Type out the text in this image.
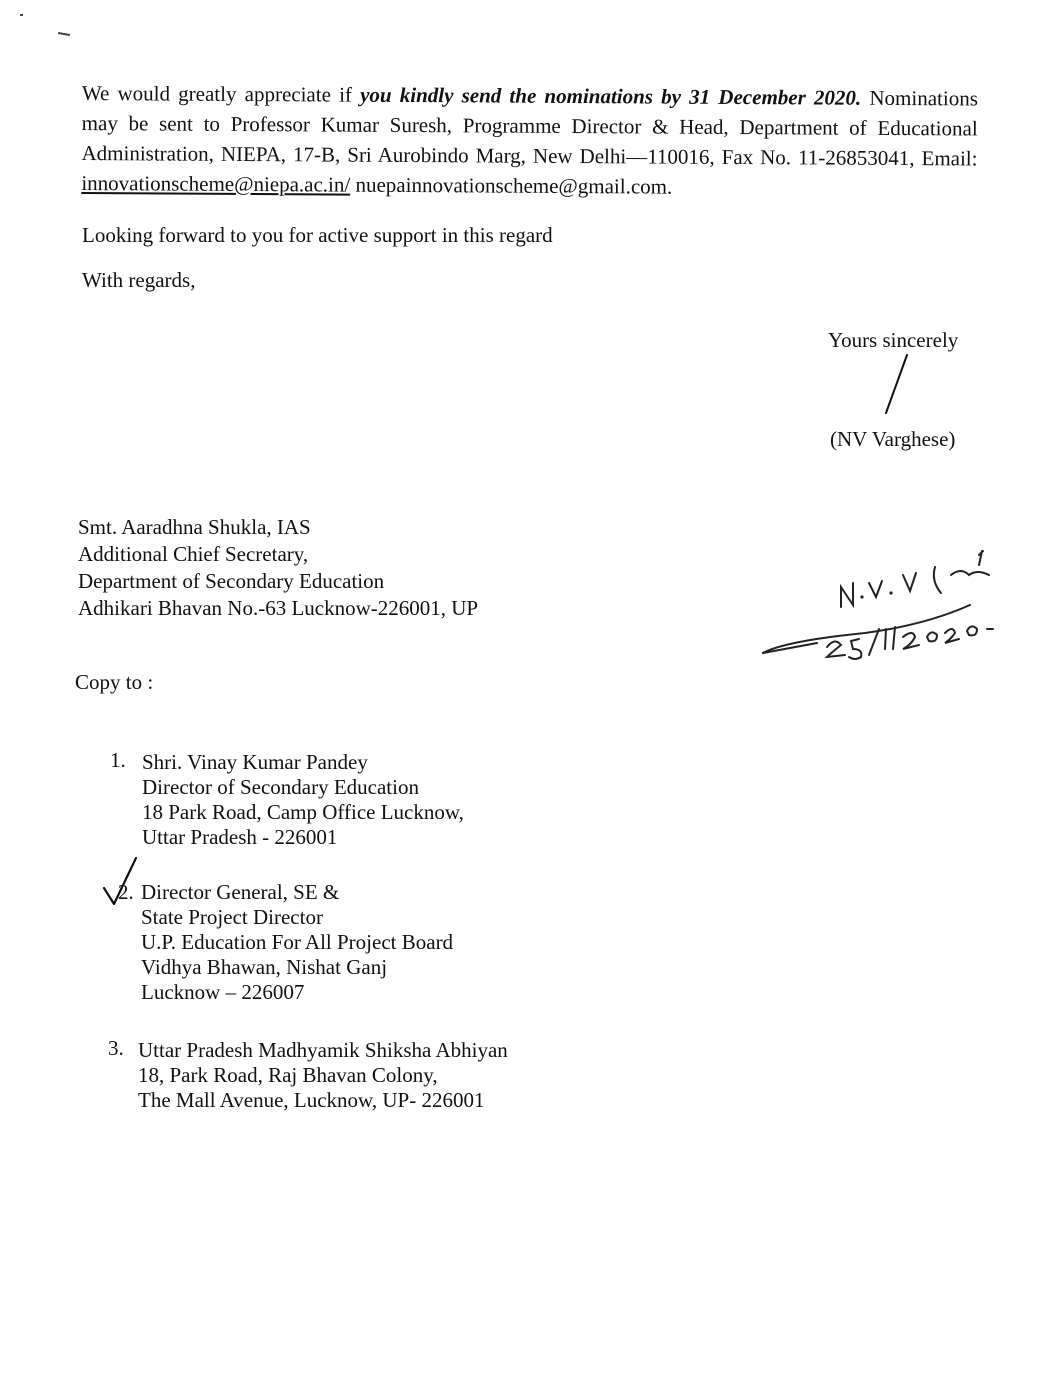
We would greatly appreciate if you kindly send the nominations by 31 December 2020. Nominations may be sent to Professor Kumar Suresh, Programme Director & Head, Department of Educational Administration, NIEPA, 17-B, Sri Aurobindo Marg, New Delhi—110016, Fax No. 11-26853041, Email: innovationscheme@niepa.ac.in/ nuepainnovationscheme@gmail.com.
Looking forward to you for active support in this regard
With regards,
Yours sincerely
(NV Varghese)
Smt. Aaradhna Shukla, IAS
Additional Chief Secretary,
Department of Secondary Education
Adhikari Bhavan No.-63 Lucknow-226001, UP
Copy to :
1. Shri. Vinay Kumar Pandey
Director of Secondary Education
18 Park Road, Camp Office Lucknow,
Uttar Pradesh - 226001
2. Director General, SE &
State Project Director
U.P. Education For All Project Board
Vidhya Bhawan, Nishat Ganj
Lucknow – 226007
3. Uttar Pradesh Madhyamik Shiksha Abhiyan
18, Park Road, Raj Bhavan Colony,
The Mall Avenue, Lucknow, UP- 226001
